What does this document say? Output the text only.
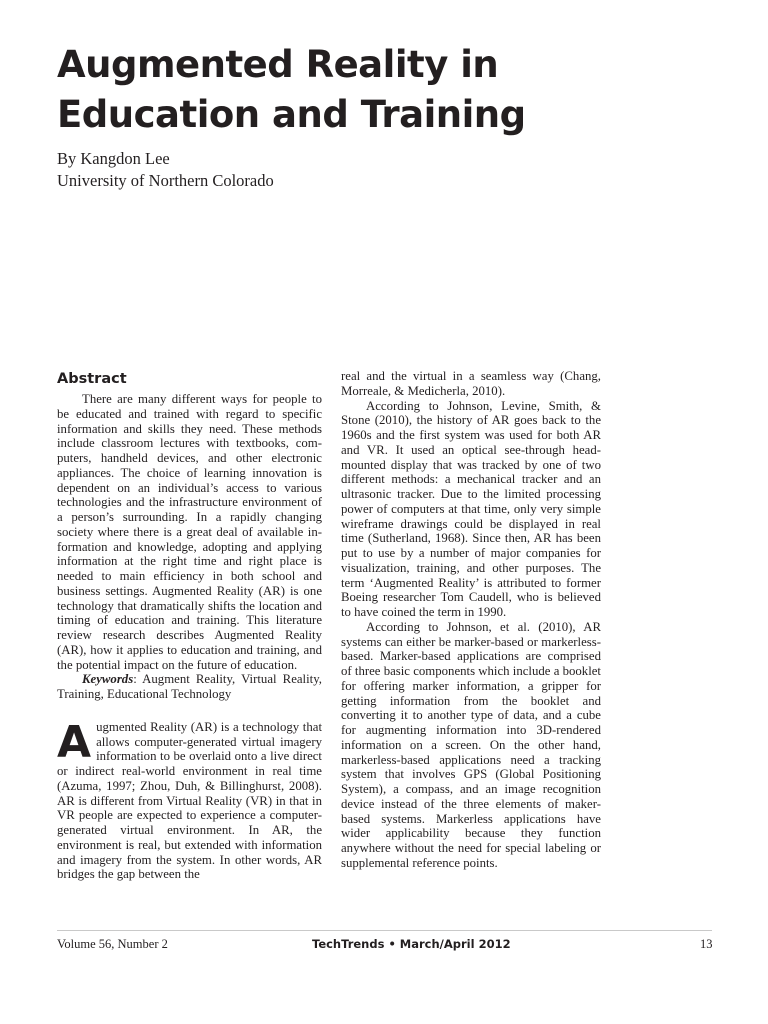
Augmented Reality in
Education and Training
By Kangdon Lee
University of Northern Colorado
Abstract

There are many different ways for people to be educated and trained with regard to specific information and skills they need. These methods include classroom lectures with textbooks, computers, handheld devices, and other electronic appliances. The choice of learning innovation is dependent on an individual’s access to various technologies and the infrastructure environment of a person’s surrounding. In a rapidly changing society where there is a great deal of available information and knowledge, adopting and applying information at the right time and right place is needed to main efficiency in both school and business settings. Augmented Reality (AR) is one technology that dramatically shifts the location and timing of education and training. This literature review research describes Augmented Reality (AR), how it applies to education and training, and the potential impact on the future of education.

Keywords: Augment Reality, Virtual Reality, Training, Educational Technology

Augmented Reality (AR) is a technology that allows computer-generated virtual imagery information to be overlaid onto a live direct or indirect real-world environment in real time (Azuma, 1997; Zhou, Duh, & Billinghurst, 2008). AR is different from Virtual Reality (VR) in that in VR people are expected to experience a computer-generated virtual environment. In AR, the environment is real, but extended with information and imagery from the system. In other words, AR bridges the gap between the

real and the virtual in a seamless way (Chang, Morreale, & Medicherla, 2010).

According to Johnson, Levine, Smith, & Stone (2010), the history of AR goes back to the 1960s and the first system was used for both AR and VR. It used an optical see-through headmounted display that was tracked by one of two different methods: a mechanical tracker and an ultrasonic tracker. Due to the limited processing power of computers at that time, only very simple wireframe drawings could be displayed in real time (Sutherland, 1968). Since then, AR has been put to use by a number of major companies for visualization, training, and other purposes. The term ‘Augmented Reality’ is attributed to former Boeing researcher Tom Caudell, who is believed to have coined the term in 1990.

According to Johnson, et al. (2010), AR systems can either be marker-based or markerless-based. Marker-based applications are comprised of three basic components which include a booklet for offering marker information, a gripper for getting information from the booklet and converting it to another type of data, and a cube for augmenting information into 3D-rendered information on a screen. On the other hand, markerless-based applications need a tracking system that involves GPS (Global Positioning System), a compass, and an image recognition device instead of the three elements of maker-based systems. Markerless applications have wider applicability because they function anywhere without the need for special labeling or supplemental reference points.

Volume 56, Number 2	TechTrends • March/April 2012	13
